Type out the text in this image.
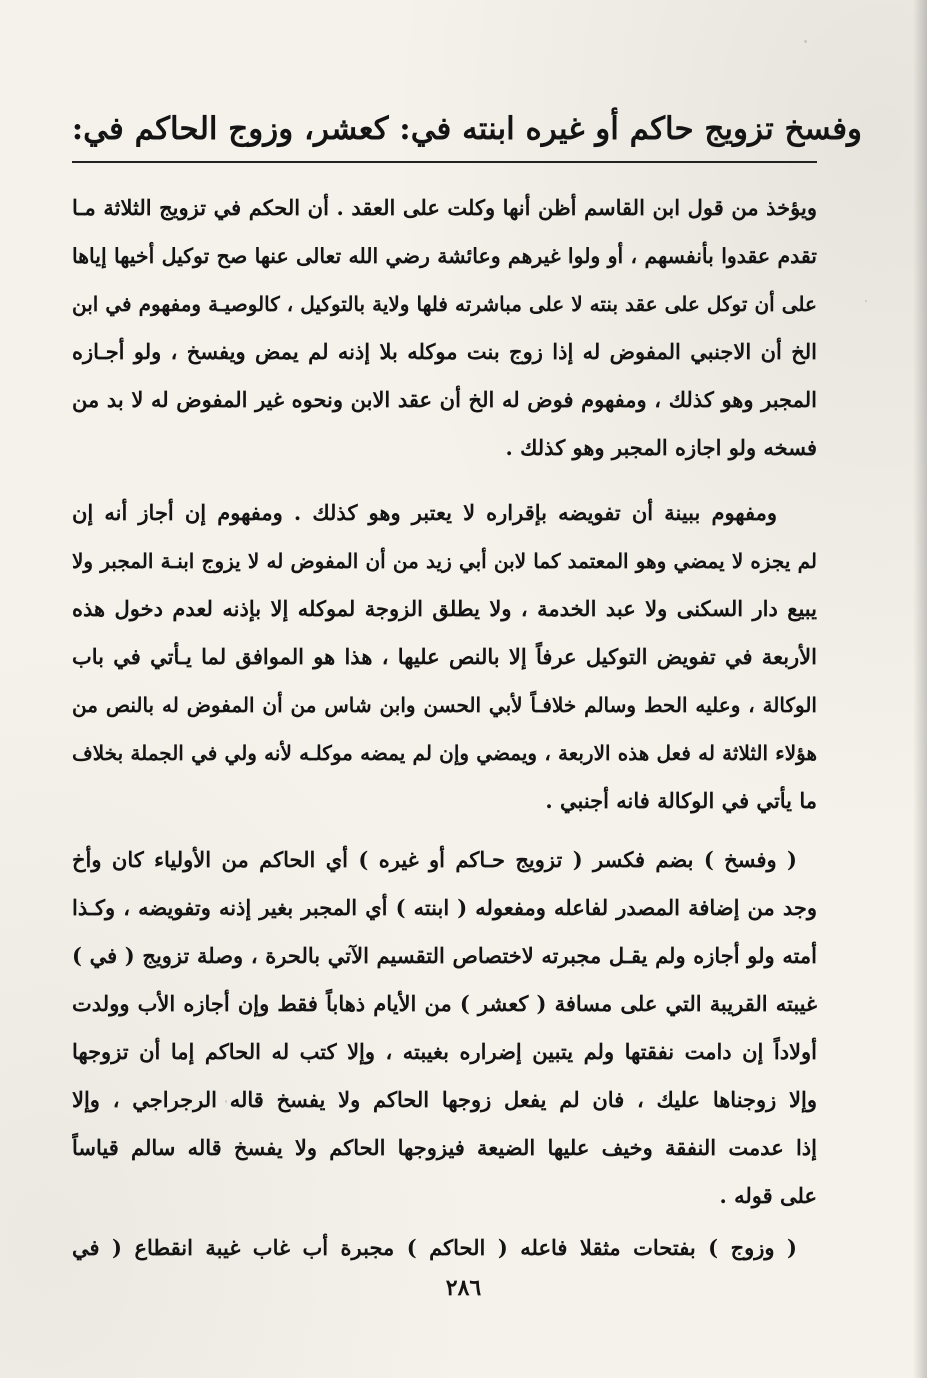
وفسخ تزويج حاكم أو غيره ابنته في: كعشر، وزوج الحاكم في:
ويؤخذ من قول ابن القاسم أظن أنها وكلت على العقد . أن الحكم في تزويج الثلاثة مـا
تقدم عقدوا بأنفسهم ، أو ولوا غيرهم وعائشة رضي الله تعالى عنها صح توكيل أخيها إياها
على أن توكل على عقد بنته لا على مباشرته فلها ولاية بالتوكيل ، كالوصيـة ومفهوم في ابن
الخ أن الاجنبي المفوض له إذا زوج بنت موكله بلا إذنه لم يمض ويفسخ ، ولو أجـازه
المجبر وهو كذلك ، ومفهوم فوض له الخ أن عقد الابن ونحوه غير المفوض له لا بد من
فسخه ولو اجازه المجبر وهو كذلك .
ومفهوم ببينة أن تفويضه بإقراره لا يعتبر وهو كذلك . ومفهوم إن أجاز أنه إن
لم يجزه لا يمضي وهو المعتمد كما لابن أبي زيد من أن المفوض له لا يزوج ابنـة المجبر ولا
يبيع دار السكنى ولا عبد الخدمة ، ولا يطلق الزوجة لموكله إلا بإذنه لعدم دخول هذه
الأربعة في تفويض التوكيل عرفاً إلا بالنص عليها ، هذا هو الموافق لما يـأتي في باب
الوكالة ، وعليه الحط وسالم خلافـاً لأبي الحسن وابن شاس من أن المفوض له بالنص من
هؤلاء الثلاثة له فعل هذه الاربعة ، ويمضي وإن لم يمضه موكلـه لأنه ولي في الجملة بخلاف
ما يأتي في الوكالة فانه أجنبي .
( وفسخ ) بضم فكسر ( تزويج حـاكم أو غيره ) أي الحاكم من الأولياء كان وأخ
وجد من إضافة المصدر لفاعله ومفعوله ( ابنته ) أي المجبر بغير إذنه وتفويضه ، وكـذا
أمته ولو أجازه ولم يقـل مجبرته لاختصاص التقسيم الآتي بالحرة ، وصلة تزويج ( في )
غيبته القريبة التي على مسافة ( كعشر ) من الأيام ذهاباً فقط وإن أجازه الأب وولدت
أولاداً إن دامت نفقتها ولم يتبين إضراره بغيبته ، وإلا كتب له الحاكم إما أن تزوجها
وإلا زوجناها عليك ، فان لم يفعل زوجها الحاكم ولا يفسخ قاله الرجراجي ، وإلا
إذا عدمت النفقة وخيف عليها الضيعة فيزوجها الحاكم ولا يفسخ قاله سالم قياساً
على قوله .
( وزوج ) بفتحات مثقلا فاعله ( الحاكم ) مجبرة أب غاب غيبة انقطاع ( في

٢٨٦
